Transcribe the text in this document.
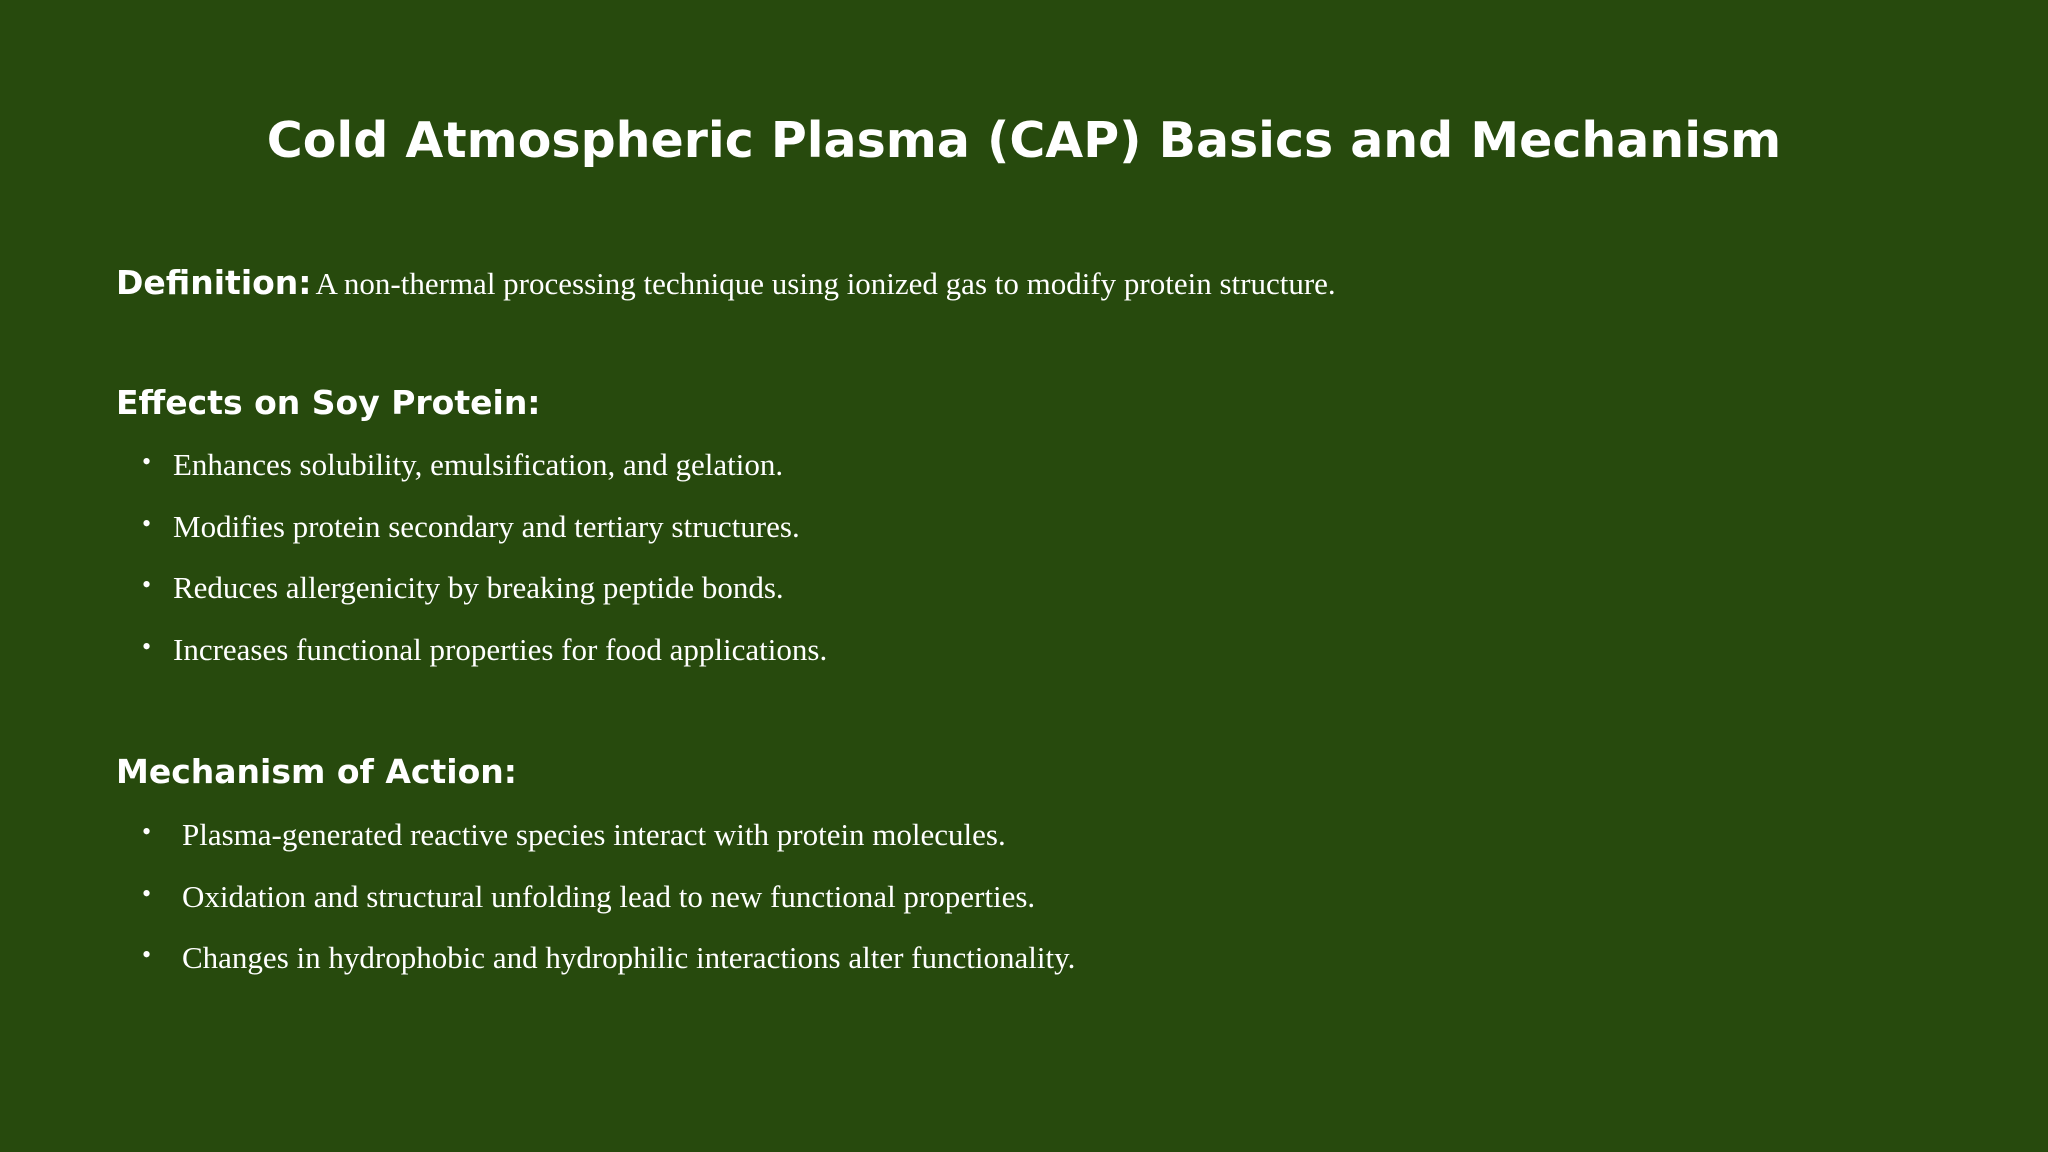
Cold Atmospheric Plasma (CAP) Basics and Mechanism
Definition: A non-thermal processing technique using ionized gas to modify protein structure.
Effects on Soy Protein:
• Enhances solubility, emulsification, and gelation.
• Modifies protein secondary and tertiary structures.
• Reduces allergenicity by breaking peptide bonds.
• Increases functional properties for food applications.
Mechanism of Action:
• Plasma-generated reactive species interact with protein molecules.
• Oxidation and structural unfolding lead to new functional properties.
• Changes in hydrophobic and hydrophilic interactions alter functionality.
